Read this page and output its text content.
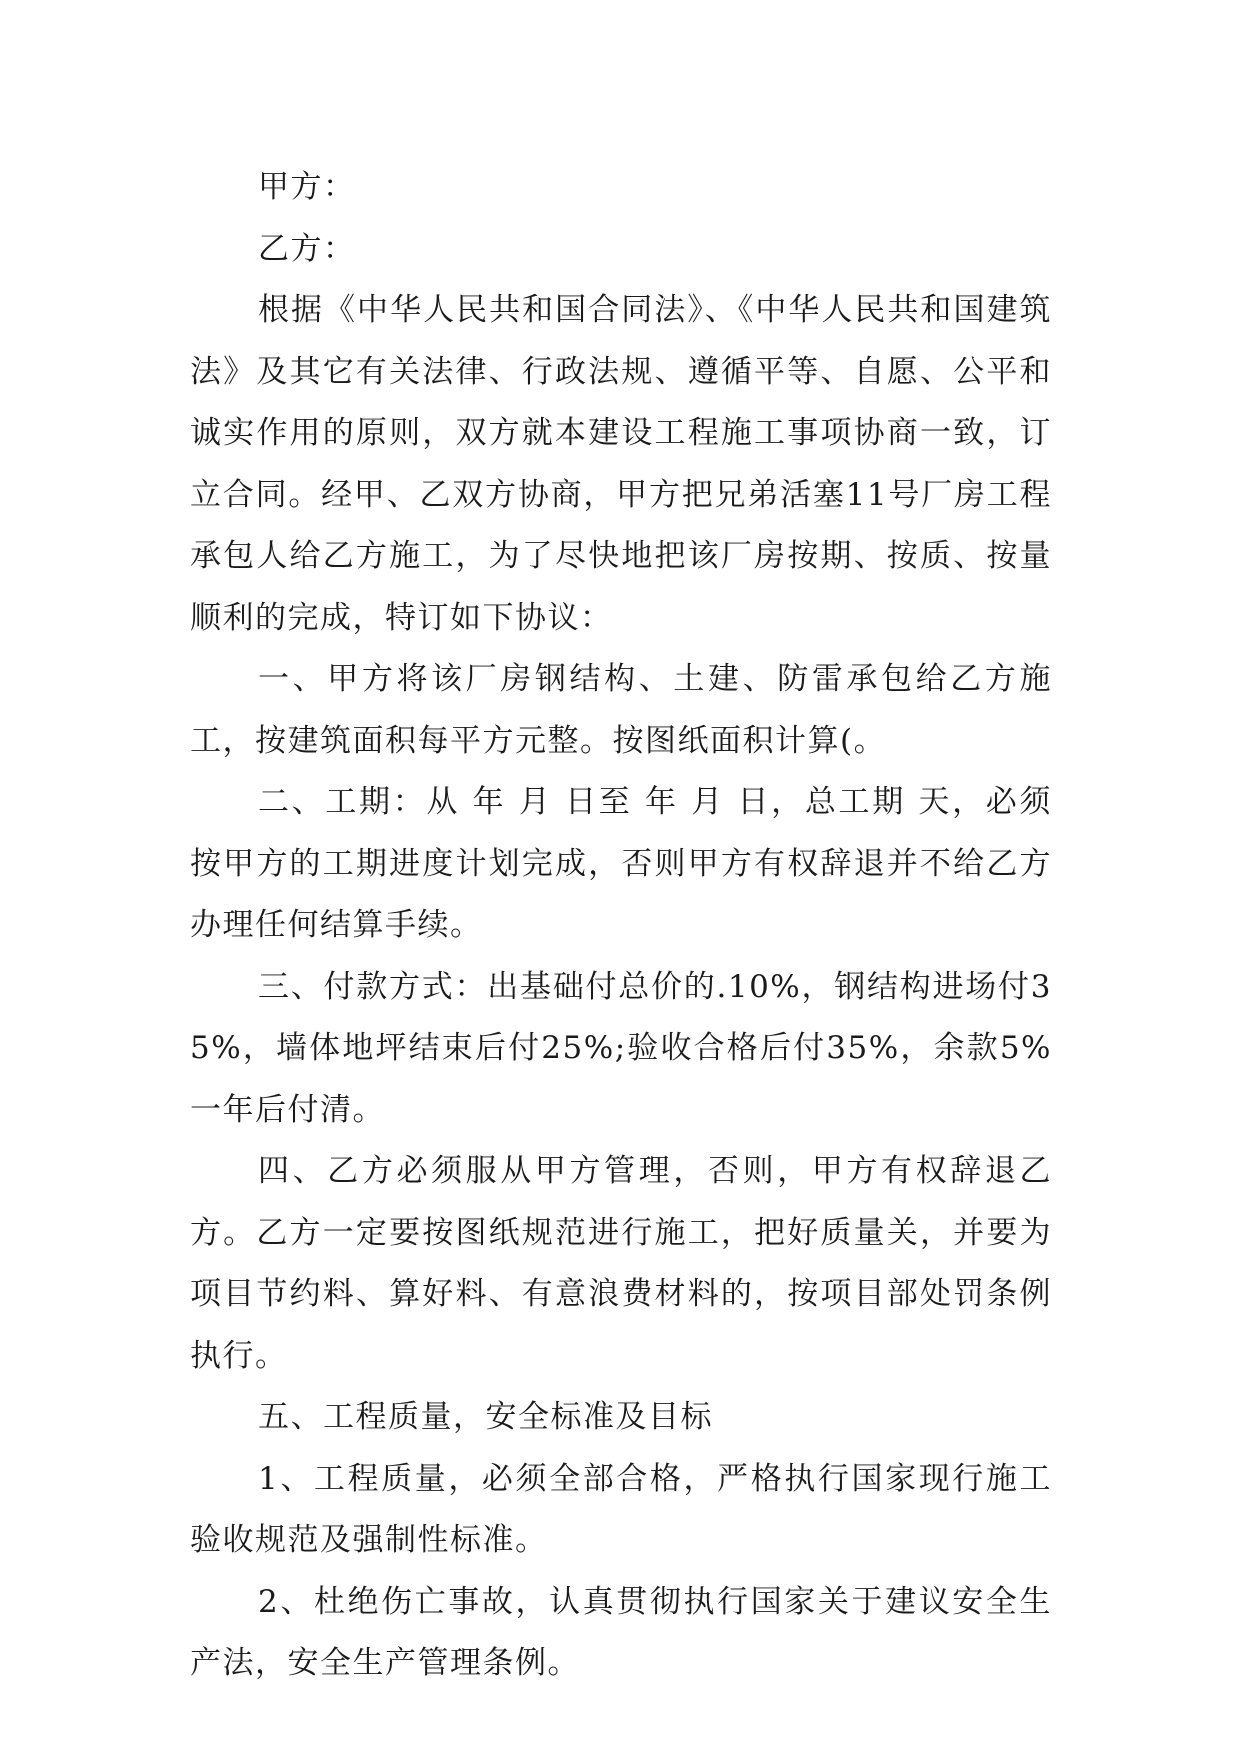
甲方：

乙方：

根据《中华人民共和国合同法》、《中华人民共和国建筑法》及其它有关法律、行政法规、遵循平等、自愿、公平和诚实作用的原则，双方就本建设工程施工事项协商一致，订立合同。经甲、乙双方协商，甲方把兄弟活塞11号厂房工程承包人给乙方施工，为了尽快地把该厂房按期、按质、按量顺利的完成，特订如下协议：

一、甲方将该厂房钢结构、土建、防雷承包给乙方施工，按建筑面积每平方元整。按图纸面积计算(。

二、工期：从 年 月 日至 年 月 日，总工期 天，必须按甲方的工期进度计划完成，否则甲方有权辞退并不给乙方办理任何结算手续。

三、付款方式：出基础付总价的.10%，钢结构进场付35%，墙体地坪结束后付25%;验收合格后付35%，余款5%一年后付清。

四、乙方必须服从甲方管理，否则，甲方有权辞退乙方。乙方一定要按图纸规范进行施工，把好质量关，并要为项目节约料、算好料、有意浪费材料的，按项目部处罚条例执行。

五、工程质量，安全标准及目标

1、工程质量，必须全部合格，严格执行国家现行施工验收规范及强制性标准。

2、杜绝伤亡事故，认真贯彻执行国家关于建议安全生产法，安全生产管理条例。
